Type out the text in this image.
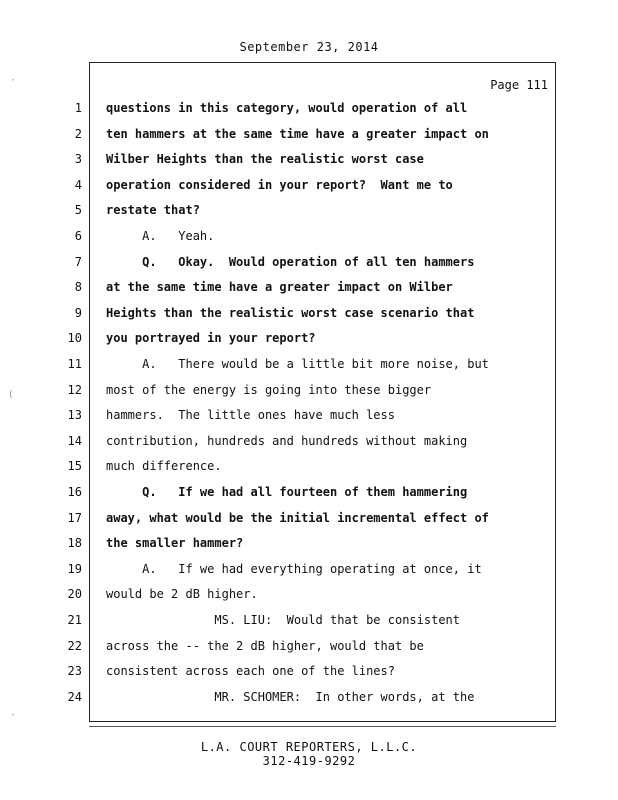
September 23, 2014
Page 111
1 questions in this category, would operation of all
2 ten hammers at the same time have a greater impact on
3 Wilber Heights than the realistic worst case
4 operation considered in your report?  Want me to
5 restate that?
6 A.   Yeah.
7 Q.   Okay.  Would operation of all ten hammers
8 at the same time have a greater impact on Wilber
9 Heights than the realistic worst case scenario that
10 you portrayed in your report?
11 A.   There would be a little bit more noise, but
12 most of the energy is going into these bigger
13 hammers.  The little ones have much less
14 contribution, hundreds and hundreds without making
15 much difference.
16 Q.   If we had all fourteen of them hammering
17 away, what would be the initial incremental effect of
18 the smaller hammer?
19 A.   If we had everything operating at once, it
20 would be 2 dB higher.
21 MS. LIU:  Would that be consistent
22 across the -- the 2 dB higher, would that be
23 consistent across each one of the lines?
24 MR. SCHOMER:  In other words, at the
L.A. COURT REPORTERS, L.L.C.
312-419-9292
·
(
-
